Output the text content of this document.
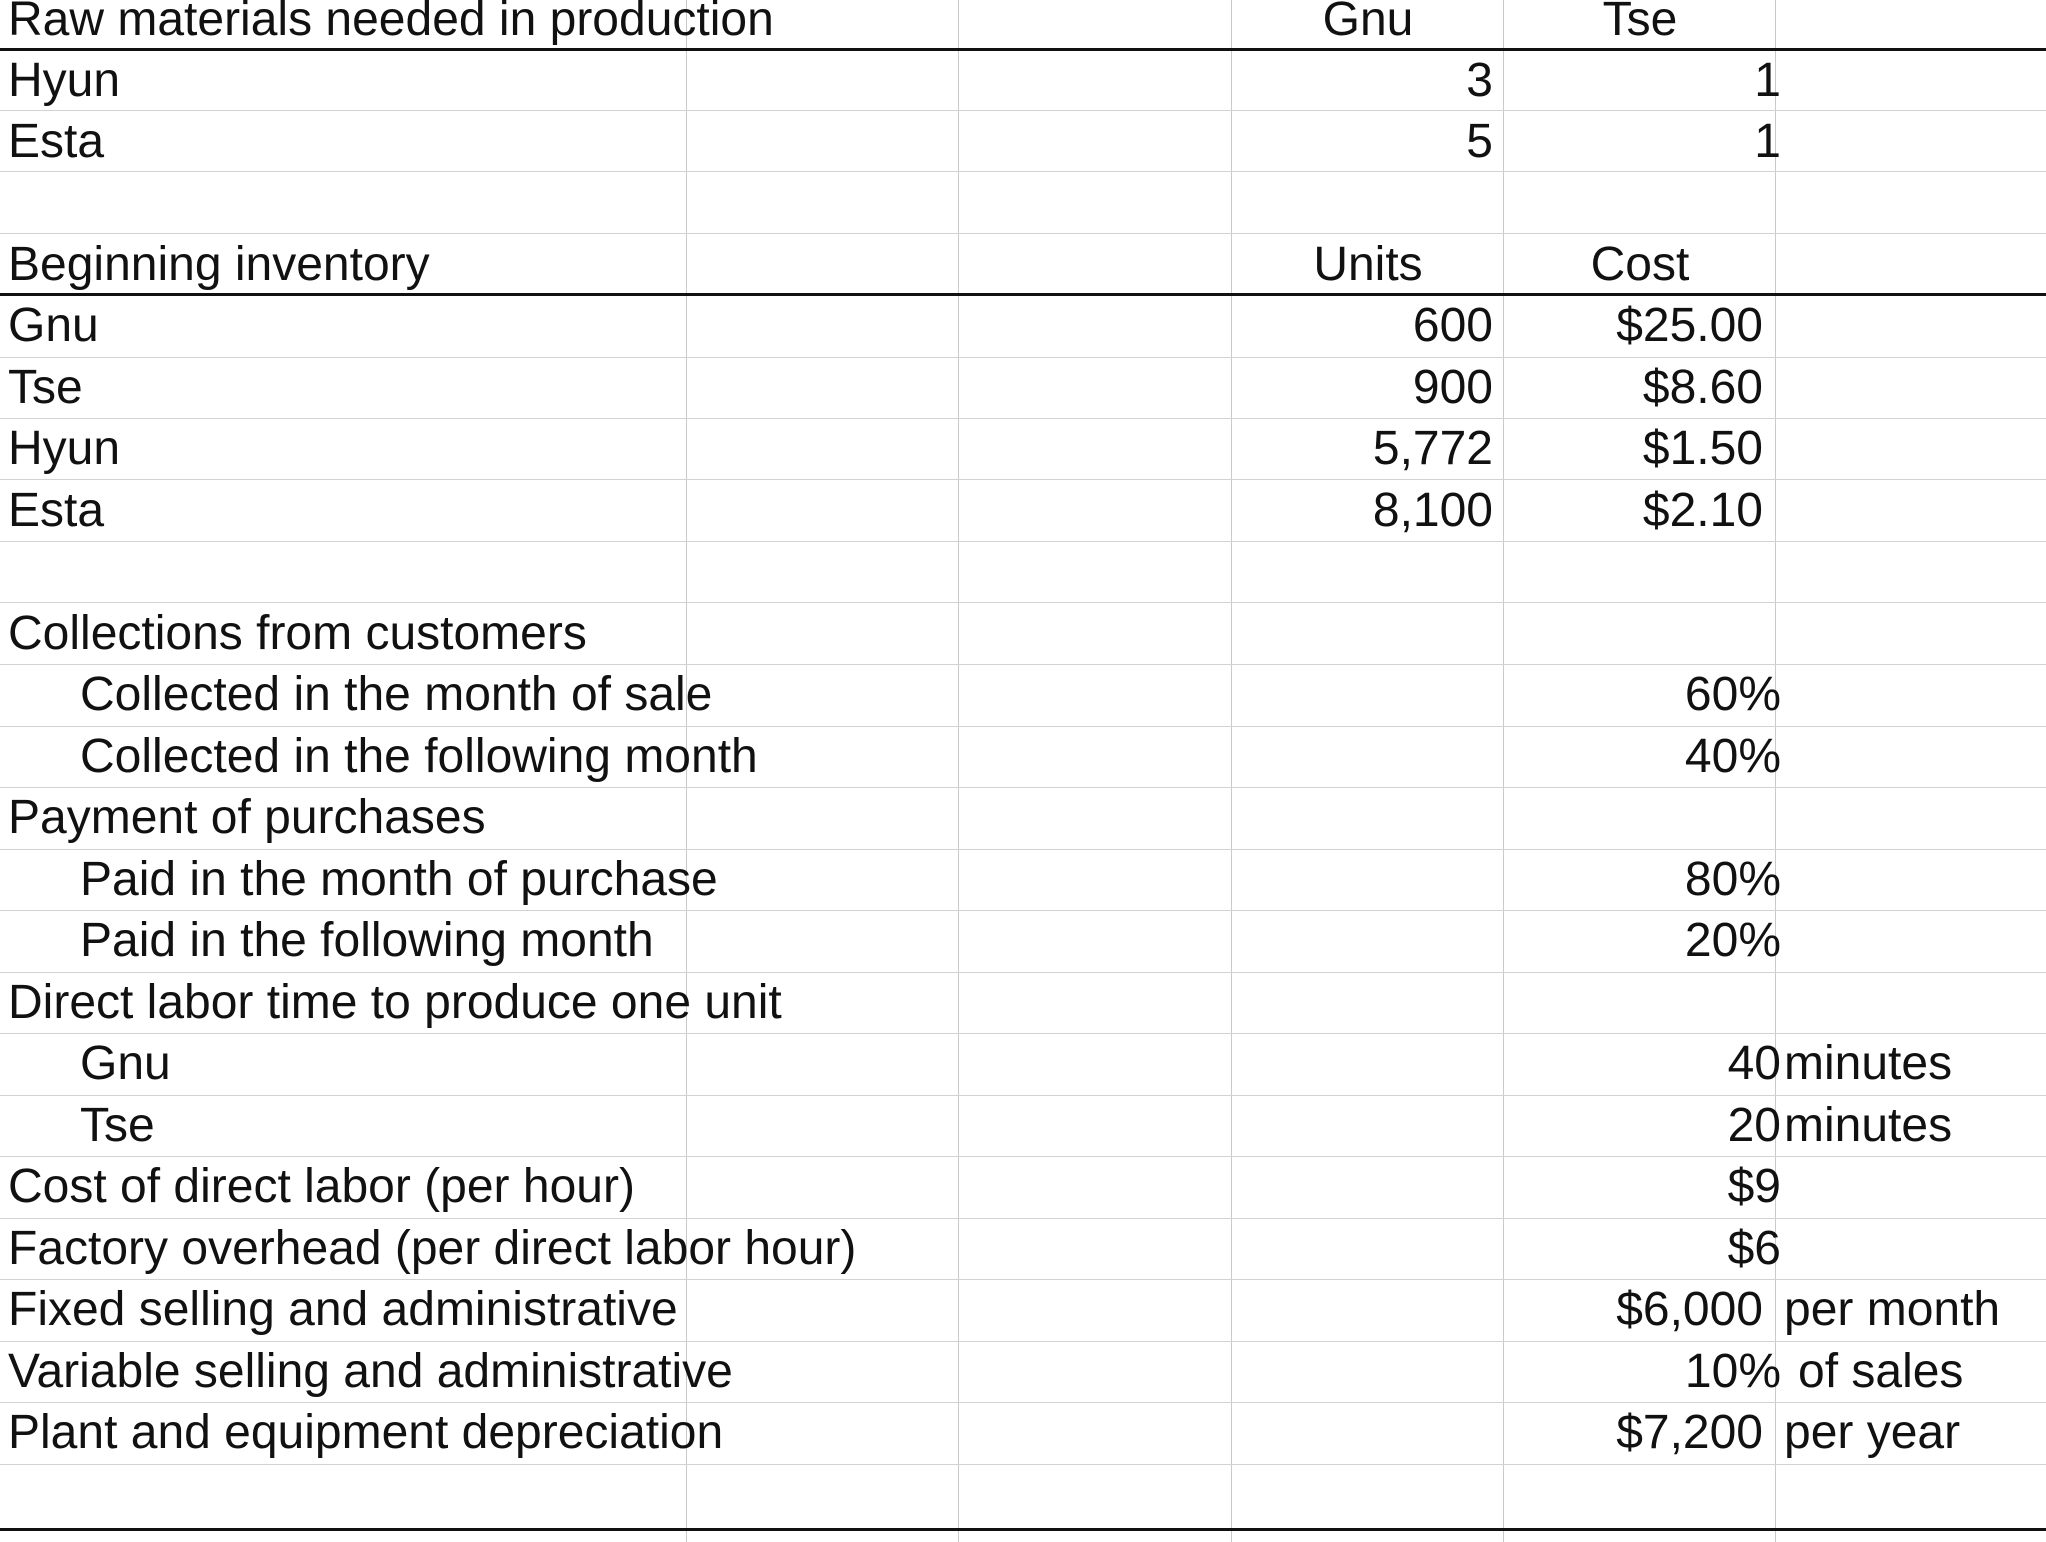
Raw materials needed in production	Gnu	Tse
Hyun	3	1
Esta	5	1
Beginning inventory	Units	Cost
Gnu	600	$25.00
Tse	900	$8.60
Hyun	5,772	$1.50
Esta	8,100	$2.10
Collections from customers
Collected in the month of sale	60%
Collected in the following month	40%
Payment of purchases
Paid in the month of purchase	80%
Paid in the following month	20%
Direct labor time to produce one unit
Gnu	40 minutes
Tse	20 minutes
Cost of direct labor (per hour)	$9
Factory overhead (per direct labor hour)	$6
Fixed selling and administrative	$6,000 per month
Variable selling and administrative	10% of sales
Plant and equipment depreciation	$7,200 per year
